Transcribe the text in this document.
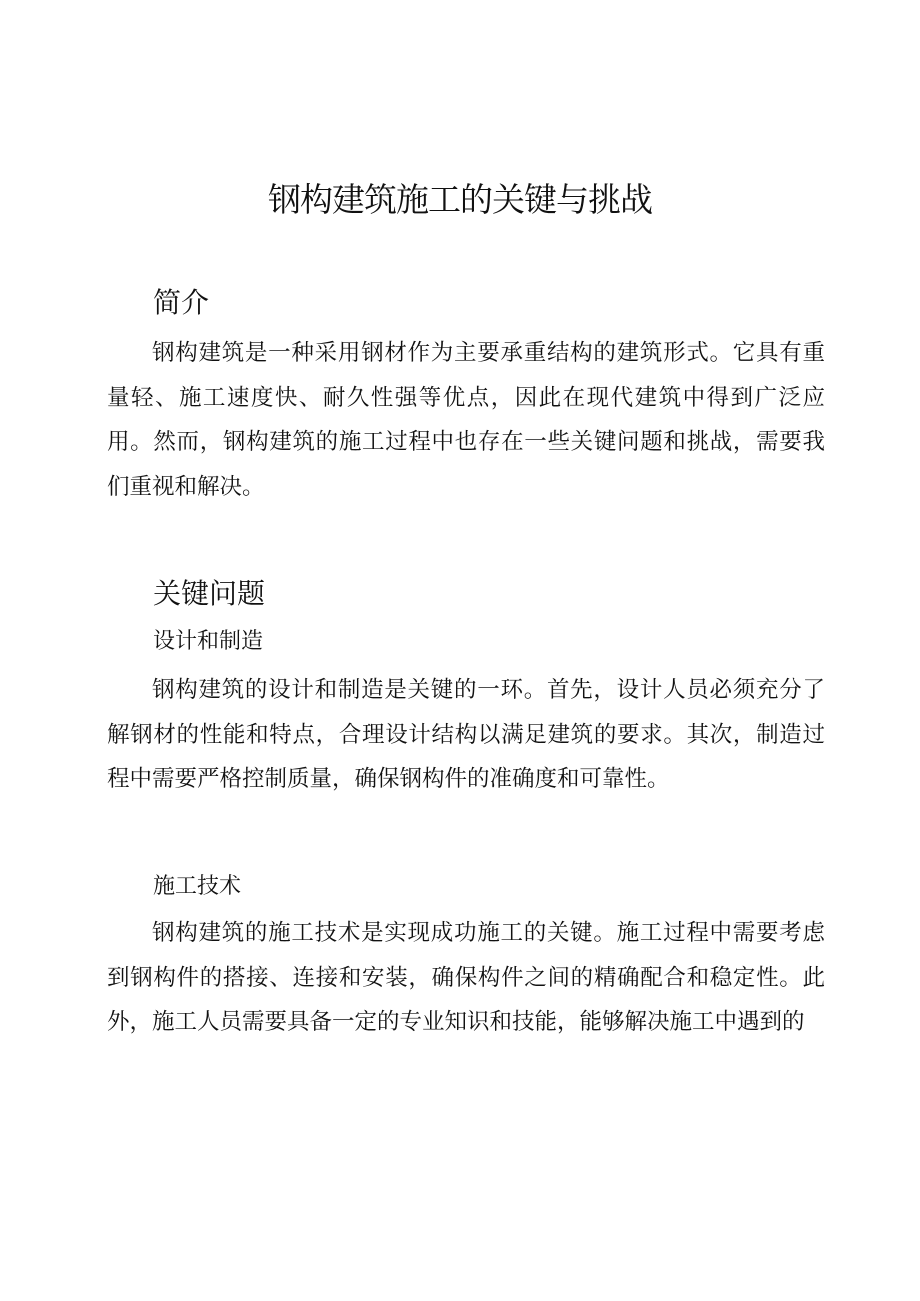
钢构建筑施工的关键与挑战
简介

钢构建筑是一种采用钢材作为主要承重结构的建筑形式。它具有重量轻、施工速度快、耐久性强等优点，因此在现代建筑中得到广泛应用。然而，钢构建筑的施工过程中也存在一些关键问题和挑战，需要我们重视和解决。

关键问题
设计和制造

钢构建筑的设计和制造是关键的一环。首先，设计人员必须充分了解钢材的性能和特点，合理设计结构以满足建筑的要求。其次，制造过程中需要严格控制质量，确保钢构件的准确度和可靠性。

施工技术

钢构建筑的施工技术是实现成功施工的关键。施工过程中需要考虑到钢构件的搭接、连接和安装，确保构件之间的精确配合和稳定性。此外，施工人员需要具备一定的专业知识和技能，能够解决施工中遇到的
